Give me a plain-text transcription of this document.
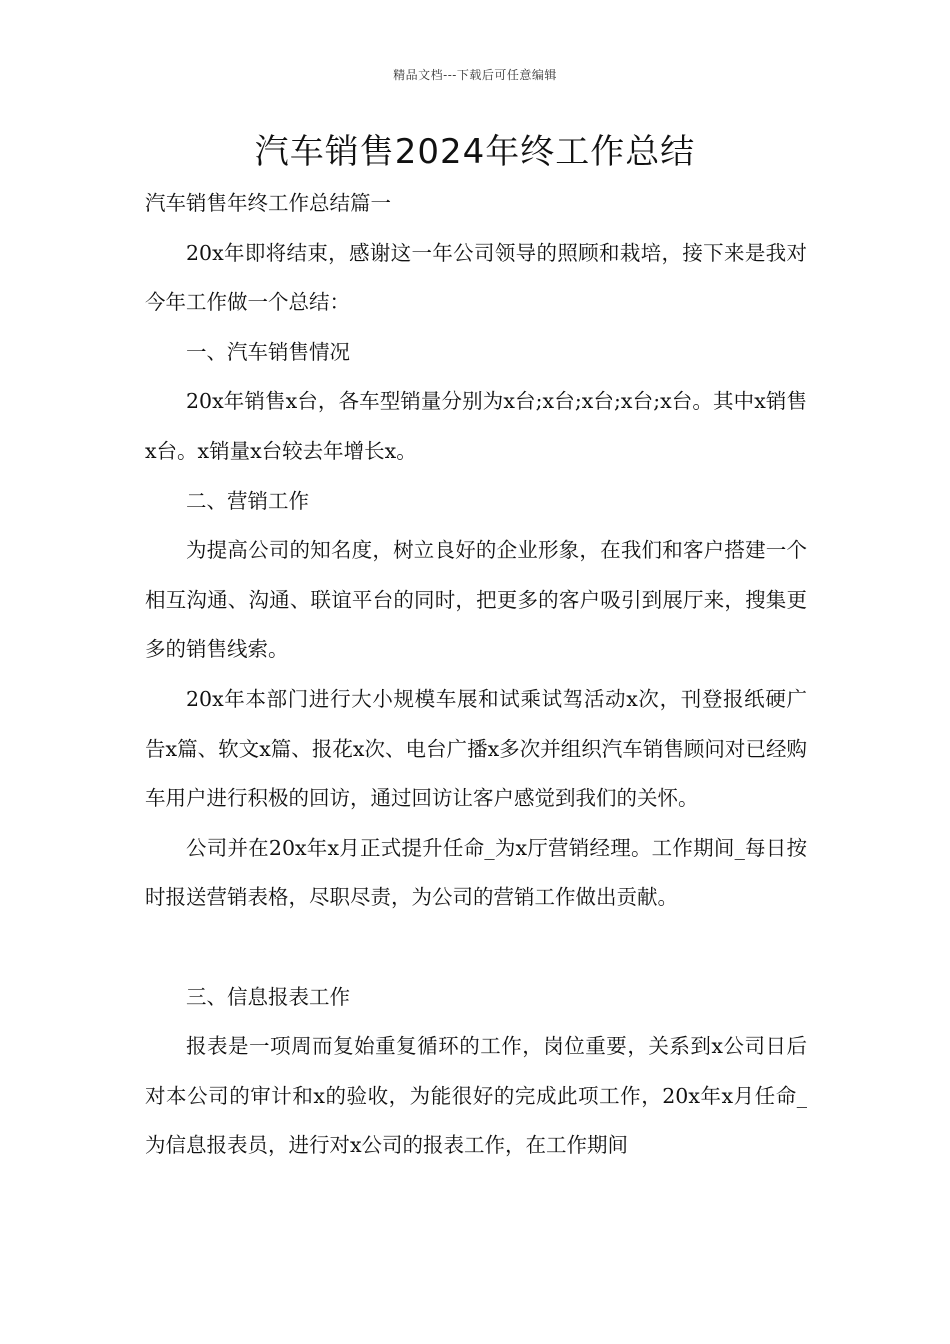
精品文档---下载后可任意编辑
汽车销售2024年终工作总结

汽车销售年终工作总结篇一

20x年即将结束，感谢这一年公司领导的照顾和栽培，接下来是我对今年工作做一个总结：

一、汽车销售情况

20x年销售x台，各车型销量分别为x台;x台;x台;x台;x台。其中x销售x台。x销量x台较去年增长x。

二、营销工作

为提高公司的知名度，树立良好的企业形象，在我们和客户搭建一个相互沟通、沟通、联谊平台的同时，把更多的客户吸引到展厅来，搜集更多的销售线索。

20x年本部门进行大小规模车展和试乘试驾活动x次，刊登报纸硬广告x篇、软文x篇、报花x次、电台广播x多次并组织汽车销售顾问对已经购车用户进行积极的回访，通过回访让客户感觉到我们的关怀。

公司并在20x年x月正式提升任命_为x厅营销经理。工作期间_每日按时报送营销表格，尽职尽责，为公司的营销工作做出贡献。

三、信息报表工作

报表是一项周而复始重复循环的工作，岗位重要，关系到x公司日后对本公司的审计和x的验收，为能很好的完成此项工作，20x年x月任命_为信息报表员，进行对x公司的报表工作，在工作期间
